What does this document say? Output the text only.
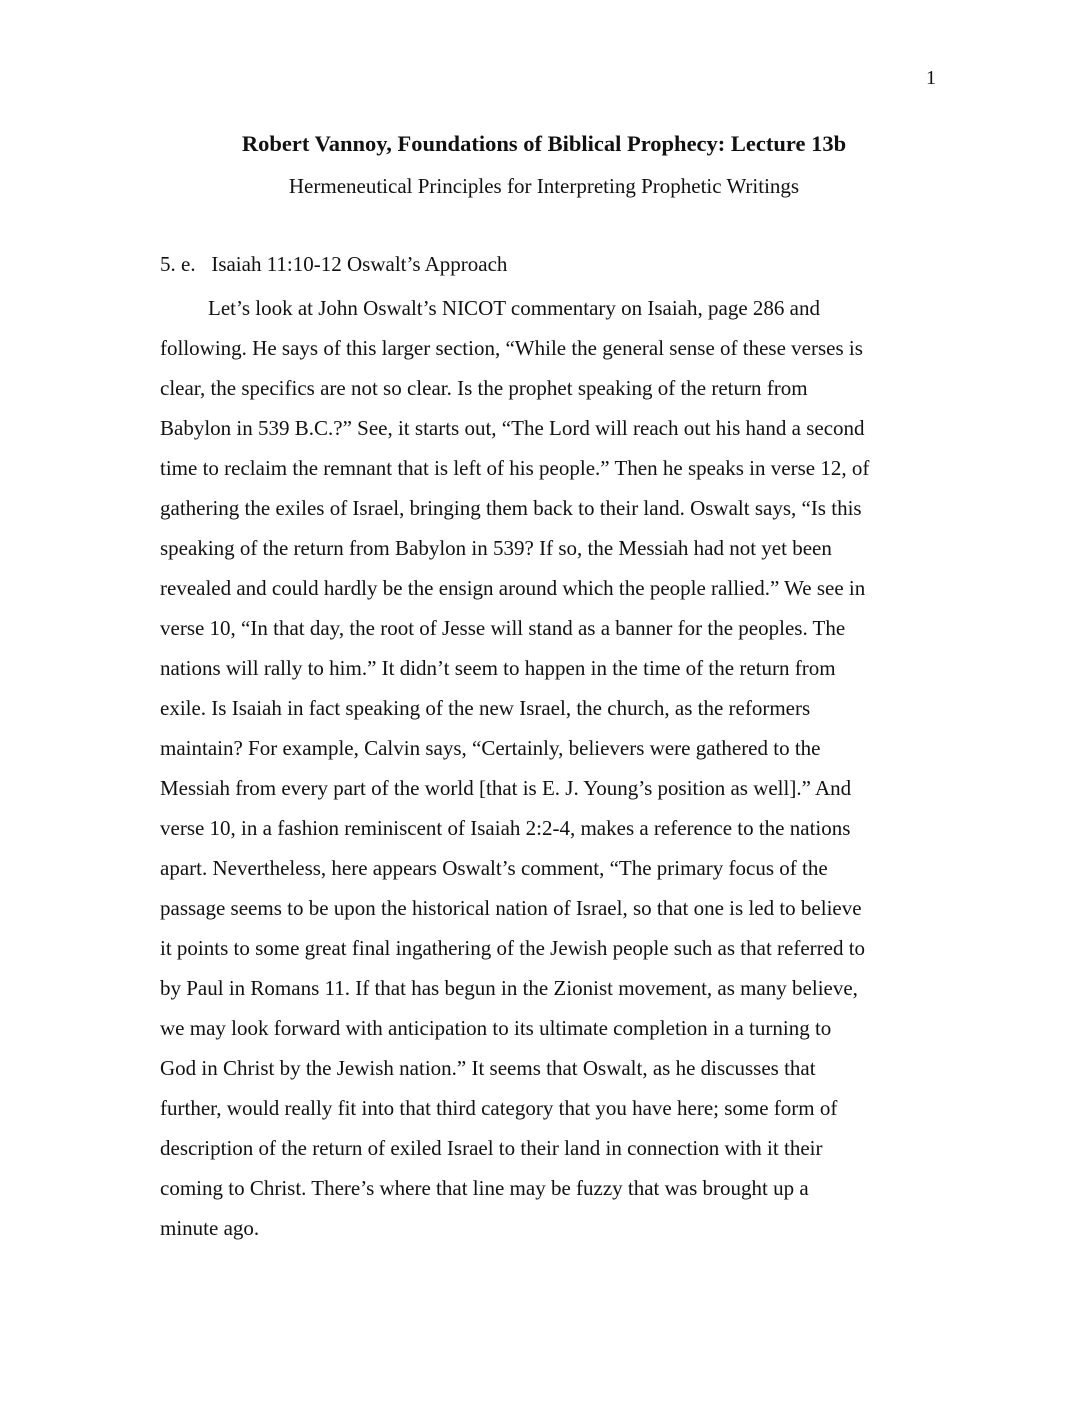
1
Robert Vannoy, Foundations of Biblical Prophecy: Lecture 13b
Hermeneutical Principles for Interpreting Prophetic Writings
5. e.   Isaiah 11:10-12 Oswalt’s Approach
Let’s look at John Oswalt’s NICOT commentary on Isaiah, page 286 and
following. He says of this larger section, “While the general sense of these verses is
clear, the specifics are not so clear. Is the prophet speaking of the return from
Babylon in 539 B.C.?” See, it starts out, “The Lord will reach out his hand a second
time to reclaim the remnant that is left of his people.” Then he speaks in verse 12, of
gathering the exiles of Israel, bringing them back to their land. Oswalt says, “Is this
speaking of the return from Babylon in 539? If so, the Messiah had not yet been
revealed and could hardly be the ensign around which the people rallied.” We see in
verse 10, “In that day, the root of Jesse will stand as a banner for the peoples. The
nations will rally to him.” It didn’t seem to happen in the time of the return from
exile. Is Isaiah in fact speaking of the new Israel, the church, as the reformers
maintain? For example, Calvin says, “Certainly, believers were gathered to the
Messiah from every part of the world [that is E. J. Young’s position as well].” And
verse 10, in a fashion reminiscent of Isaiah 2:2-4, makes a reference to the nations
apart. Nevertheless, here appears Oswalt’s comment, “The primary focus of the
passage seems to be upon the historical nation of Israel, so that one is led to believe
it points to some great final ingathering of the Jewish people such as that referred to
by Paul in Romans 11. If that has begun in the Zionist movement, as many believe,
we may look forward with anticipation to its ultimate completion in a turning to
God in Christ by the Jewish nation.” It seems that Oswalt, as he discusses that
further, would really fit into that third category that you have here; some form of
description of the return of exiled Israel to their land in connection with it their
coming to Christ. There’s where that line may be fuzzy that was brought up a
minute ago.
